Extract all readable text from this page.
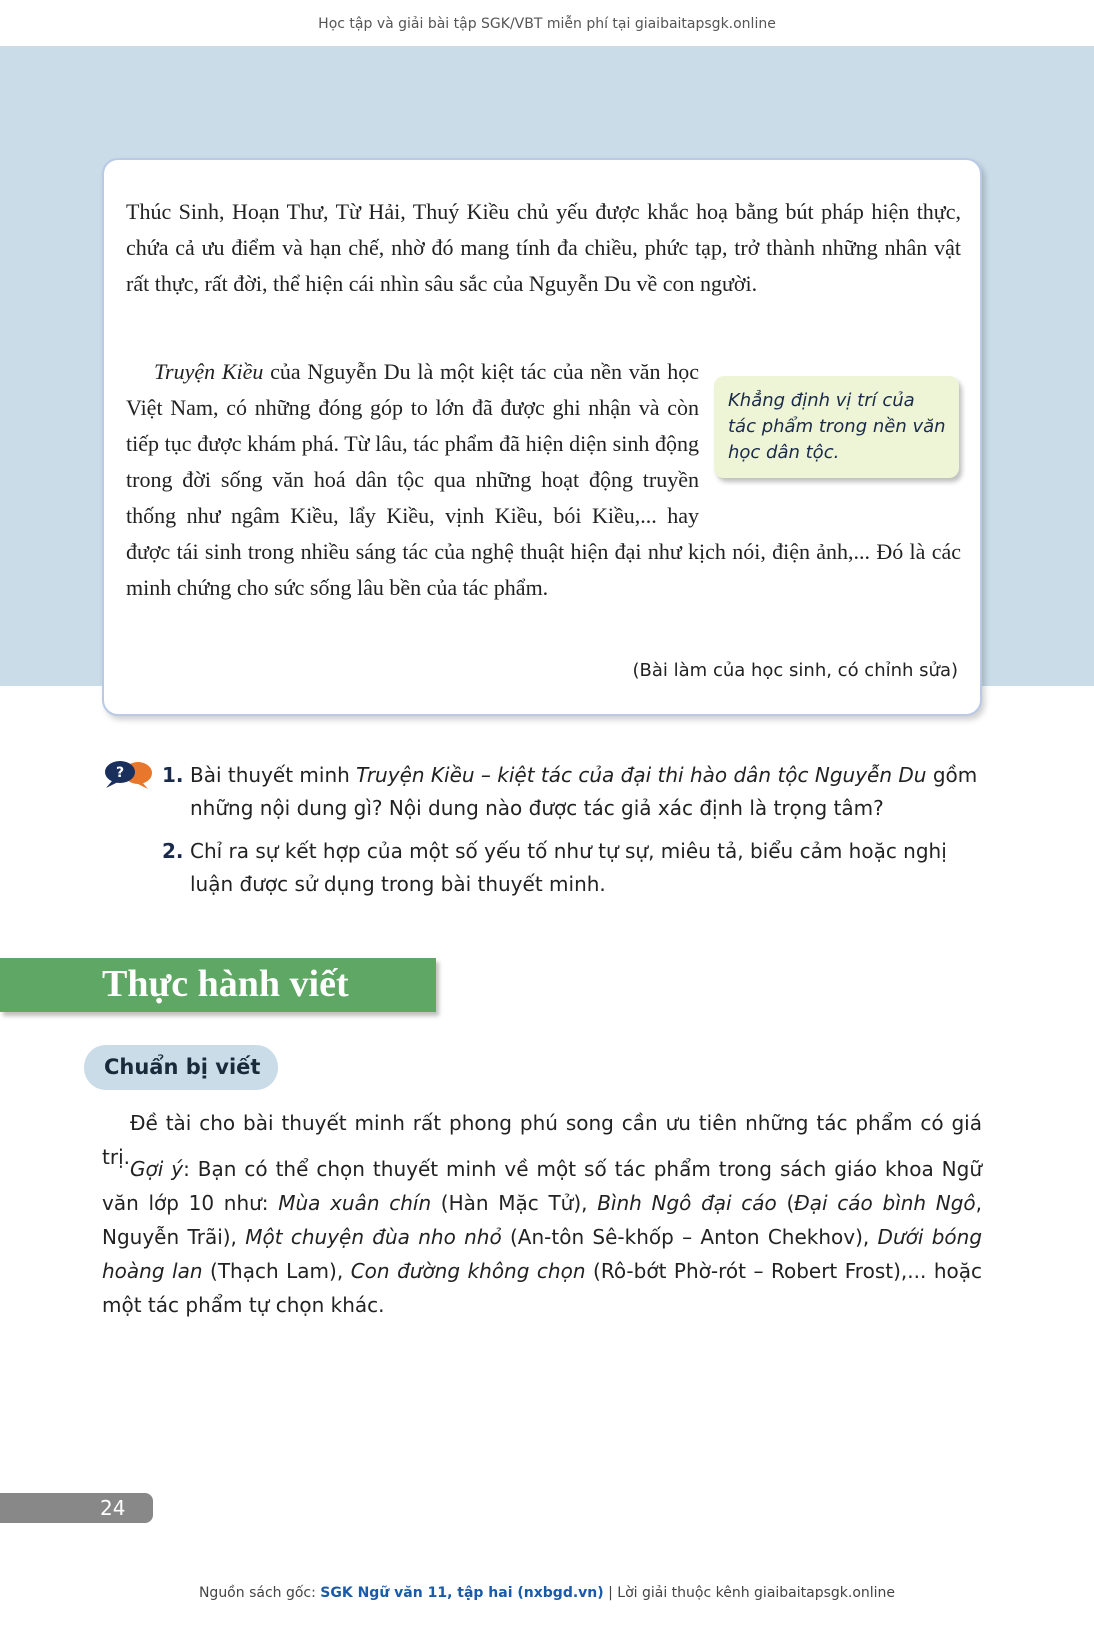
Học tập và giải bài tập SGK/VBT miễn phí tại giaibaitapsgk.online
Thúc Sinh, Hoạn Thư, Từ Hải, Thuý Kiều chủ yếu được khắc hoạ bằng bút pháp hiện thực, chứa cả ưu điểm và hạn chế, nhờ đó mang tính đa chiều, phức tạp, trở thành những nhân vật rất thực, rất đời, thể hiện cái nhìn sâu sắc của Nguyễn Du về con người.
Truyện Kiều của Nguyễn Du là một kiệt tác của nền văn học Việt Nam, có những đóng góp to lớn đã được ghi nhận và còn tiếp tục được khám phá. Từ lâu, tác phẩm đã hiện diện sinh động trong đời sống văn hoá dân tộc qua những hoạt động truyền thống như ngâm Kiều, lẩy Kiều, vịnh Kiều, bói Kiều,... hay được tái sinh trong nhiều sáng tác của nghệ thuật hiện đại như kịch nói, điện ảnh,... Đó là các minh chứng cho sức sống lâu bền của tác phẩm.
Khẳng định vị trí của tác phẩm trong nền văn học dân tộc.
(Bài làm của học sinh, có chỉnh sửa)
? 1. Bài thuyết minh Truyện Kiều – kiệt tác của đại thi hào dân tộc Nguyễn Du gồm những nội dung gì? Nội dung nào được tác giả xác định là trọng tâm?
2. Chỉ ra sự kết hợp của một số yếu tố như tự sự, miêu tả, biểu cảm hoặc nghị luận được sử dụng trong bài thuyết minh.
Thực hành viết
Chuẩn bị viết
Đề tài cho bài thuyết minh rất phong phú song cần ưu tiên những tác phẩm có giá trị. Gợi ý: Bạn có thể chọn thuyết minh về một số tác phẩm trong sách giáo khoa Ngữ văn lớp 10 như: Mùa xuân chín (Hàn Mặc Tử), Bình Ngô đại cáo (Đại cáo bình Ngô, Nguyễn Trãi), Một chuyện đùa nho nhỏ (An-tôn Sê-khốp – Anton Chekhov), Dưới bóng hoàng lan (Thạch Lam), Con đường không chọn (Rô-bớt Phờ-rót – Robert Frost),... hoặc một tác phẩm tự chọn khác.
24
Nguồn sách gốc: SGK Ngữ văn 11, tập hai (nxbgd.vn) | Lời giải thuộc kênh giaibaitapsgk.online
